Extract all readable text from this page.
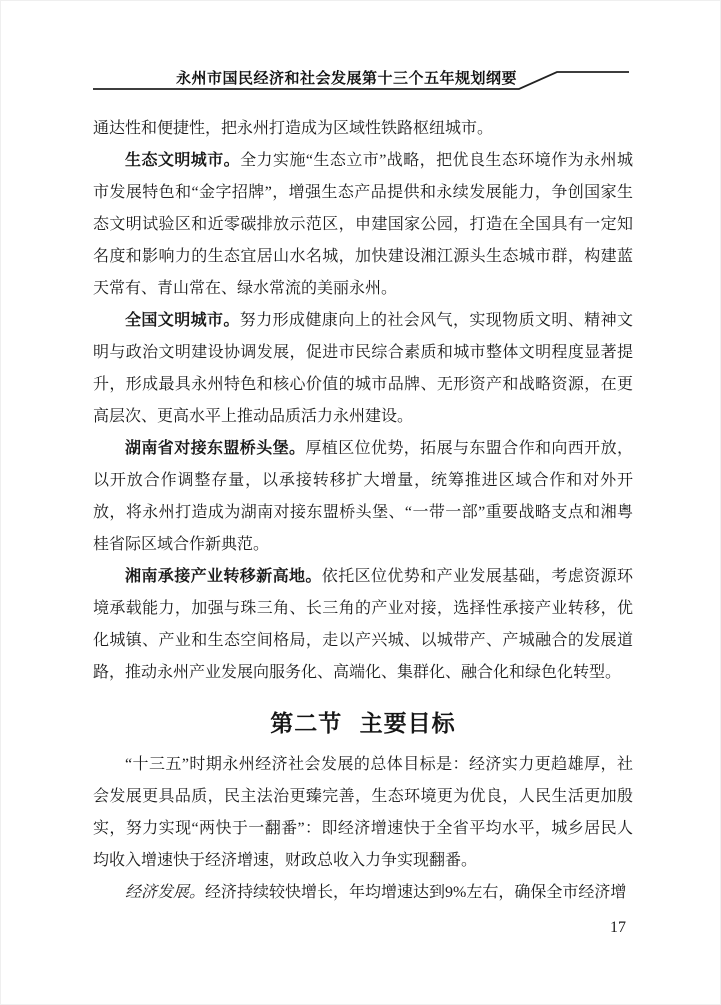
永州市国民经济和社会发展第十三个五年规划纲要

通达性和便捷性，把永州打造成为区域性铁路枢纽城市。

生态文明城市。全力实施“生态立市”战略，把优良生态环境作为永州城市发展特色和“金字招牌”，增强生态产品提供和永续发展能力，争创国家生态文明试验区和近零碳排放示范区，申建国家公园，打造在全国具有一定知名度和影响力的生态宜居山水名城，加快建设湘江源头生态城市群，构建蓝天常有、青山常在、绿水常流的美丽永州。

全国文明城市。努力形成健康向上的社会风气，实现物质文明、精神文明与政治文明建设协调发展，促进市民综合素质和城市整体文明程度显著提升，形成最具永州特色和核心价值的城市品牌、无形资产和战略资源，在更高层次、更高水平上推动品质活力永州建设。

湖南省对接东盟桥头堡。厚植区位优势，拓展与东盟合作和向西开放，以开放合作调整存量，以承接转移扩大增量，统筹推进区域合作和对外开放，将永州打造成为湖南对接东盟桥头堡、“一带一部”重要战略支点和湘粤桂省际区域合作新典范。

湘南承接产业转移新高地。依托区位优势和产业发展基础，考虑资源环境承载能力，加强与珠三角、长三角的产业对接，选择性承接产业转移，优化城镇、产业和生态空间格局，走以产兴城、以城带产、产城融合的发展道路，推动永州产业发展向服务化、高端化、集群化、融合化和绿色化转型。

第二节 主要目标

“十三五”时期永州经济社会发展的总体目标是：经济实力更趋雄厚，社会发展更具品质，民主法治更臻完善，生态环境更为优良，人民生活更加殷实，努力实现“两快于一翻番”：即经济增速快于全省平均水平，城乡居民人均收入增速快于经济增速，财政总收入力争实现翻番。

经济发展。经济持续较快增长，年均增速达到9%左右，确保全市经济增

17
